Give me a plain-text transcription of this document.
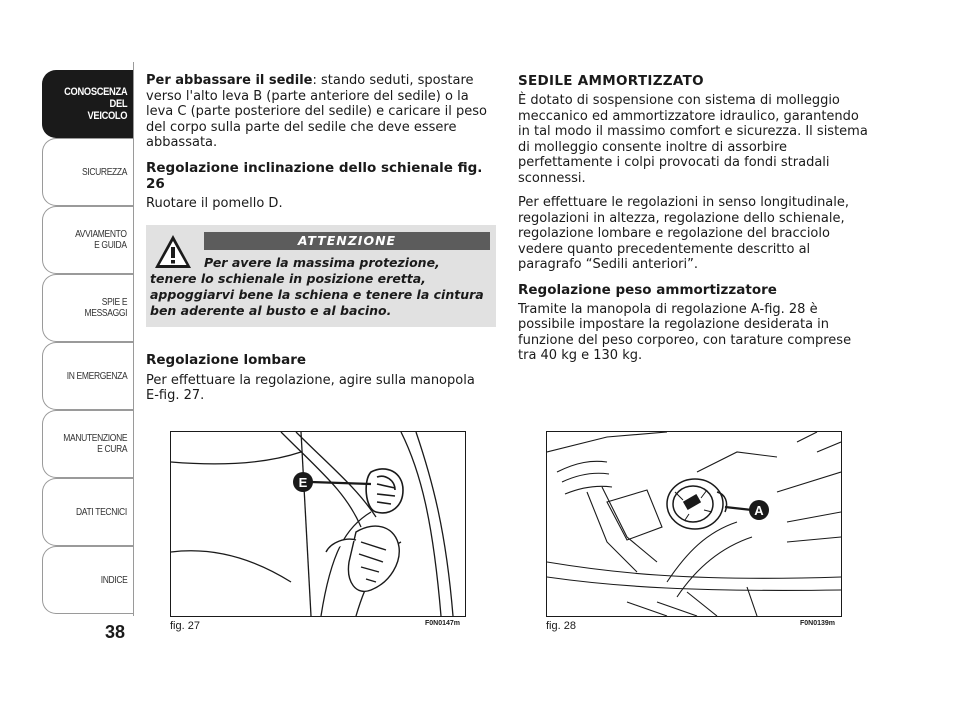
CONOSCENZA
DEL
VEICOLO
SICUREZZA
AVVIAMENTO
E GUIDA
SPIE E
MESSAGGI
IN EMERGENZA
MANUTENZIONE
E CURA
DATI TECNICI
INDICE
38

Per abbassare il sedile: stando seduti, spostare verso l'alto leva B (parte anteriore del sedile) o la leva C (parte posteriore del sedile) e caricare il peso del corpo sulla parte del sedile che deve essere abbassata.

Regolazione inclinazione dello schienale fig. 26

Ruotare il pomello D.

ATTENZIONE
Per avere la massima protezione, tenere lo schienale in posizione eretta, appoggiarvi bene la schiena e tenere la cintura ben aderente al busto e al bacino.
Regolazione lombare

Per effettuare la regolazione, agire sulla manopola E-fig. 27.

SEDILE AMMORTIZZATO

È dotato di sospensione con sistema di molleggio meccanico ed ammortizzatore idraulico, garantendo in tal modo il massimo comfort e sicurezza. Il sistema di molleggio consente inoltre di assorbire perfettamente i colpi provocati da fondi stradali sconnessi.

Per effettuare le regolazioni in senso longitudinale, regolazioni in altezza, regolazione dello schienale, regolazione lombare e regolazione del bracciolo vedere quanto precedentemente descritto al paragrafo “Sedili anteriori”.

Regolazione peso ammortizzatore

Tramite la manopola di regolazione A-fig. 28 è possibile impostare la regolazione desiderata in funzione del peso corporeo, con tarature comprese tra 40 kg e 130 kg.

E
fig. 27	F0N0147m
A
fig. 28	F0N0139m
